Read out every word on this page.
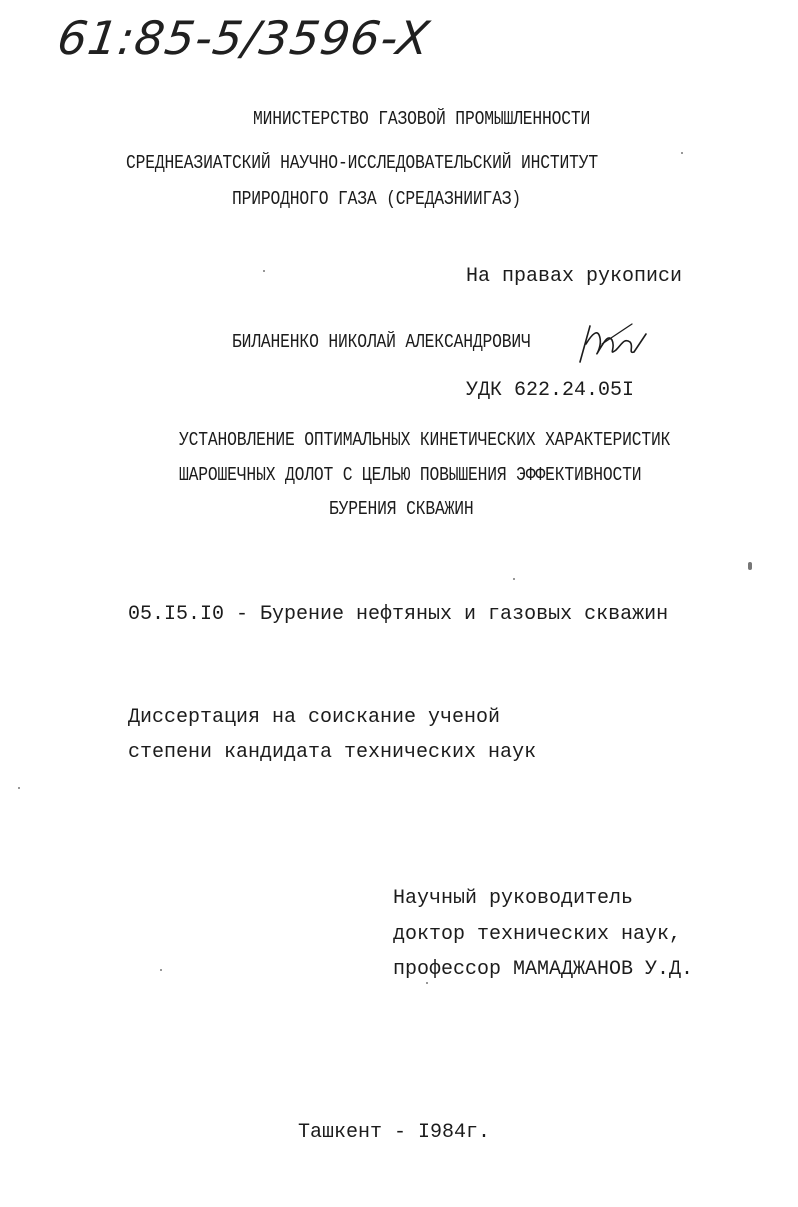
61:85-5/3596-X
МИНИСТЕРСТВО ГАЗОВОЙ ПРОМЫШЛЕННОСТИ
СРЕДНЕАЗИАТСКИЙ НАУЧНО-ИССЛЕДОВАТЕЛЬСКИЙ ИНСТИТУТ
ПРИРОДНОГО ГАЗА (СРЕДАЗНИИГАЗ)
На правах рукописи
БИЛАНЕНКО НИКОЛАЙ АЛЕКСАНДРОВИЧ
УДК 622.24.05I
УСТАНОВЛЕНИЕ ОПТИМАЛЬНЫХ КИНЕТИЧЕСКИХ ХАРАКТЕРИСТИК
ШАРОШЕЧНЫХ ДОЛОТ С ЦЕЛЬЮ ПОВЫШЕНИЯ ЭФФЕКТИВНОСТИ
БУРЕНИЯ СКВАЖИН
05.I5.I0 - Бурение нефтяных и газовых скважин
Диссертация на соискание ученой
степени кандидата технических наук
Научный руководитель
доктор технических наук,
профессор МАМАДЖАНОВ У.Д.
Ташкент - I984г.
